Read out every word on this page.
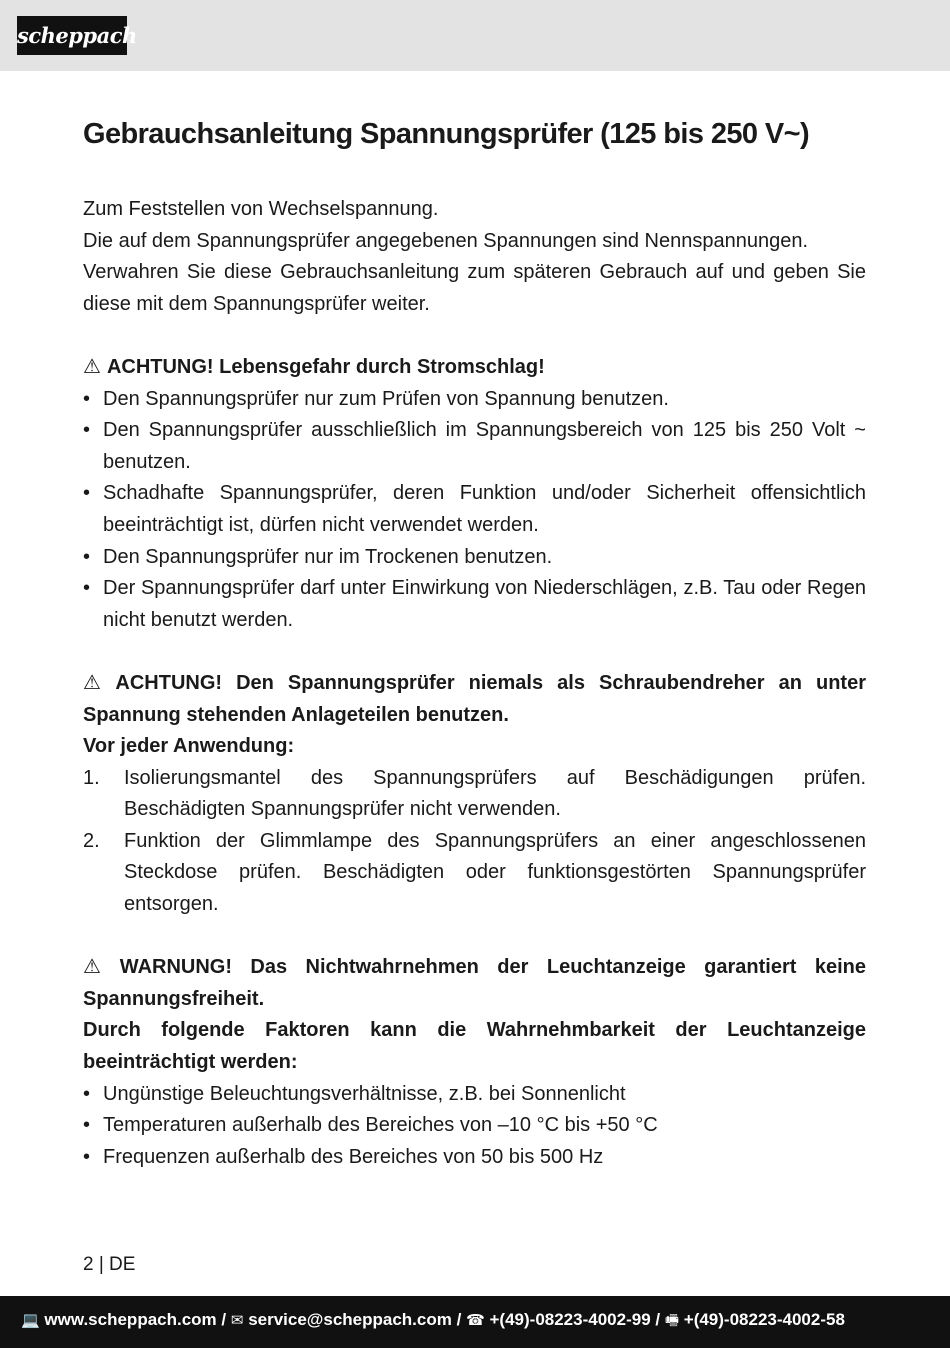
scheppach
Gebrauchsanleitung Spannungsprüfer (125 bis 250 V~)

Zum Feststellen von Wechselspannung.

Die auf dem Spannungsprüfer angegebenen Spannungen sind Nennspannungen.

Verwahren Sie diese Gebrauchsanleitung zum späteren Gebrauch auf und geben Sie diese mit dem Spannungsprüfer weiter.

⚠ ACHTUNG! Lebensgefahr durch Stromschlag!

• Den Spannungsprüfer nur zum Prüfen von Spannung benutzen.
• Den Spannungsprüfer ausschließlich im Spannungsbereich von 125 bis 250 Volt ~ benutzen.
• Schadhafte Spannungsprüfer, deren Funktion und/oder Sicherheit offensichtlich beeinträchtigt ist, dürfen nicht verwendet werden.
• Den Spannungsprüfer nur im Trockenen benutzen.
• Der Spannungsprüfer darf unter Einwirkung von Niederschlägen, z.B. Tau oder Regen nicht benutzt werden.

⚠ ACHTUNG! Den Spannungsprüfer niemals als Schraubendreher an unter Spannung stehenden Anlageteilen benutzen.

Vor jeder Anwendung:

1. Isolierungsmantel des Spannungsprüfers auf Beschädigungen prüfen. Beschädigten Spannungsprüfer nicht verwenden.
2. Funktion der Glimmlampe des Spannungsprüfers an einer angeschlossenen Steckdose prüfen. Beschädigten oder funktionsgestörten Spannungsprüfer entsorgen.

⚠ WARNUNG! Das Nichtwahrnehmen der Leuchtanzeige garantiert keine Spannungsfreiheit.

Durch folgende Faktoren kann die Wahrnehmbarkeit der Leuchtanzeige beeinträchtigt werden:

• Ungünstige Beleuchtungsverhältnisse, z.B. bei Sonnenlicht
• Temperaturen außerhalb des Bereiches von –10 °C bis +50 °C
• Frequenzen außerhalb des Bereiches von 50 bis 500 Hz
2 | DE
💻 www.scheppach.com / ✉ service@scheppach.com / ☎ +(49)-08223-4002-99 / 🖷 +(49)-08223-4002-58
